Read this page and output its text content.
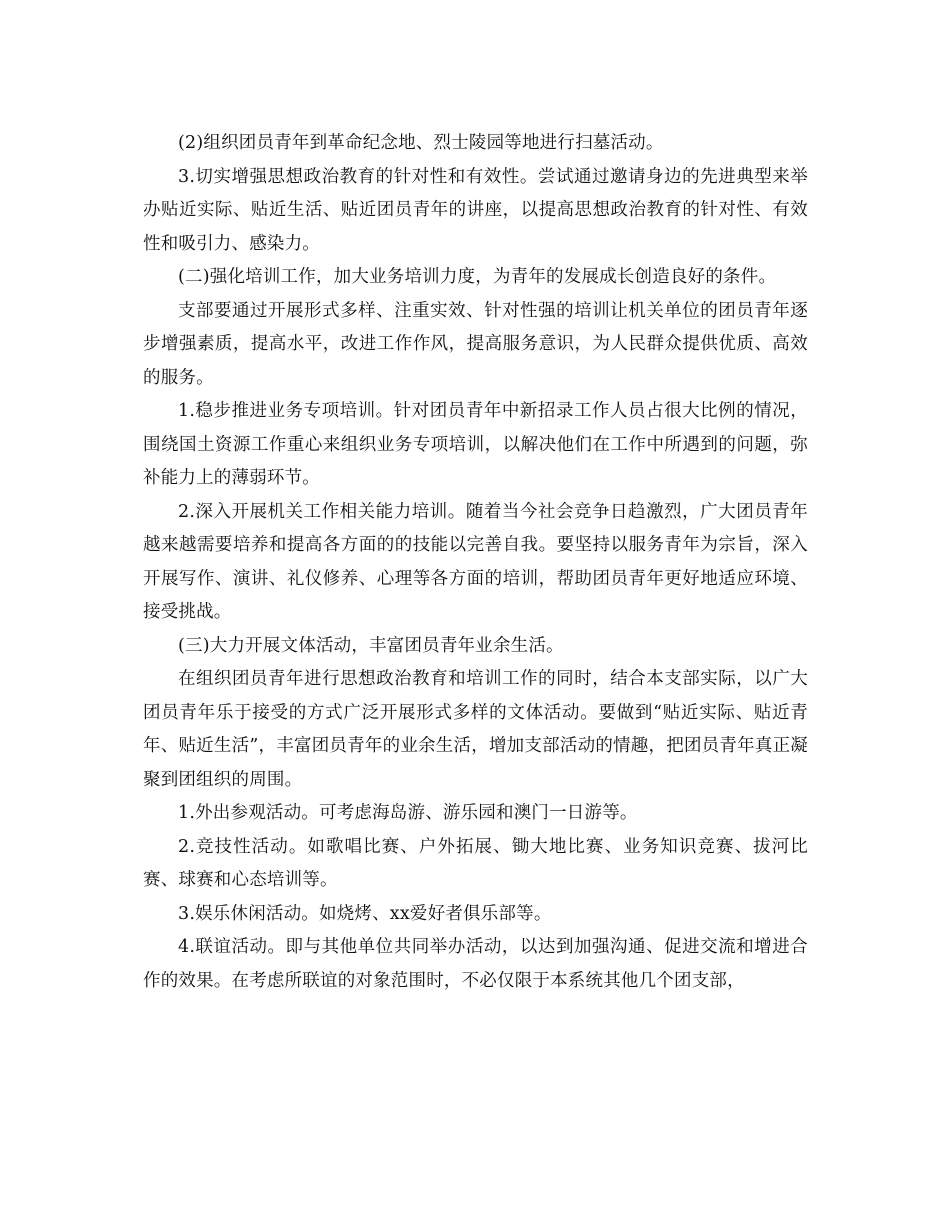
(2)组织团员青年到革命纪念地、烈士陵园等地进行扫墓活动。

3.切实增强思想政治教育的针对性和有效性。尝试通过邀请身边的先进典型来举办贴近实际、贴近生活、贴近团员青年的讲座，以提高思想政治教育的针对性、有效性和吸引力、感染力。

(二)强化培训工作，加大业务培训力度，为青年的发展成长创造良好的条件。

支部要通过开展形式多样、注重实效、针对性强的培训让机关单位的团员青年逐步增强素质，提高水平，改进工作作风，提高服务意识，为人民群众提供优质、高效的服务。

1.稳步推进业务专项培训。针对团员青年中新招录工作人员占很大比例的情况，围绕国土资源工作重心来组织业务专项培训，以解决他们在工作中所遇到的问题，弥补能力上的薄弱环节。

2.深入开展机关工作相关能力培训。随着当今社会竞争日趋激烈，广大团员青年越来越需要培养和提高各方面的的技能以完善自我。要坚持以服务青年为宗旨，深入开展写作、演讲、礼仪修养、心理等各方面的培训，帮助团员青年更好地适应环境、接受挑战。

(三)大力开展文体活动，丰富团员青年业余生活。

在组织团员青年进行思想政治教育和培训工作的同时，结合本支部实际，以广大团员青年乐于接受的方式广泛开展形式多样的文体活动。要做到“贴近实际、贴近青年、贴近生活”，丰富团员青年的业余生活，增加支部活动的情趣，把团员青年真正凝聚到团组织的周围。

1.外出参观活动。可考虑海岛游、游乐园和澳门一日游等。

2.竞技性活动。如歌唱比赛、户外拓展、锄大地比赛、业务知识竞赛、拔河比赛、球赛和心态培训等。

3.娱乐休闲活动。如烧烤、xx爱好者俱乐部等。

4.联谊活动。即与其他单位共同举办活动，以达到加强沟通、促进交流和增进合作的效果。在考虑所联谊的对象范围时，不必仅限于本系统其他几个团支部，
